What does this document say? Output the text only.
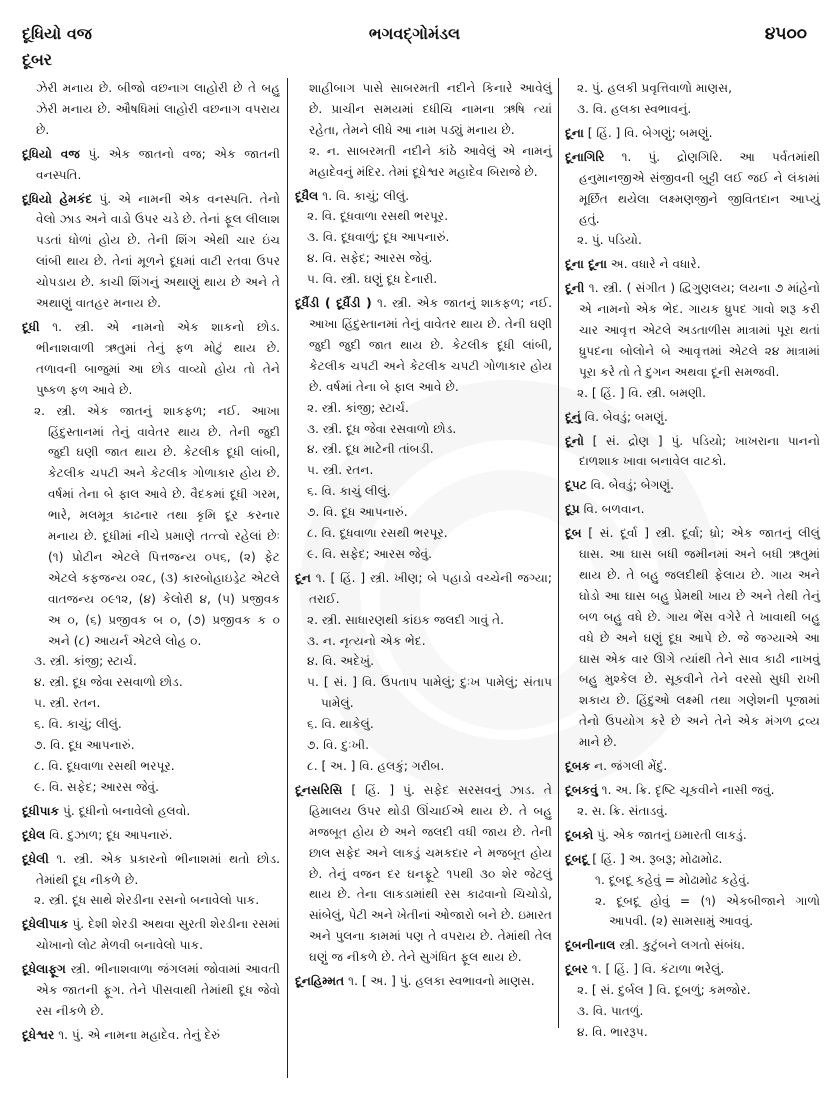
દૂધિયો વજ
દૂબર
ભગવદ્ગોમંડલ	૪૫૦૦
ઝેરી મનાય છે. બીજો વછનાગ લાહોરી છે તે બહુ ઝેરી મનાય છે. ઔષધિમાં લાહોરી વછનાગ વપરાય છે.
દૂધિયો વજ પું. એક જાતનો વજ; એક જાતની વનસ્પતિ.
દૂધિયો હેમકંદ પું. એ નામની એક વનસ્પતિ. તેનો વેલો ઝાડ અને વાડો ઉપર ચડે છે. તેનાં ફૂલ લીલાશ પડતાં ધોળાં હોય છે. તેની શિંગ એથી ચાર ઇંચ લાંબી થાય છે. તેનાં મૂળને દૂધમાં વાટી રતવા ઉપર ચોપડાય છે. કાચી શિંગનું અથાણું થાય છે અને તે અથાણું વાતહર મનાય છે.
દૂધી ૧. સ્ત્રી. એ નામનો એક શાકનો છોડ. ભીનાશવાળી ઋતુમાં તેનું ફળ મોટું થાય છે. તળાવની બાજુમાં આ છોડ વાવ્યો હોય તો તેને પુષ્કળ ફળ આવે છે.
૨. સ્ત્રી. એક જાતનું શાકફળ; નઈ. આખા હિંદુસ્તાનમાં તેનું વાવેતર થાય છે. તેની જુદી જુદી ઘણી જાત થાય છે. કેટલીક દૂધી લાંબી, કેટલીક ચપટી અને કેટલીક ગોળાકાર હોય છે. વર્ષમાં તેના બે ફાલ આવે છે. વૈદકમાં દૂધી ગરમ, ભારે, મલમૂત્ર કાઢનાર તથા કૃમિ દૂર કરનાર મનાય છે. દૂધીમાં નીચે પ્રમાણે તત્ત્વો રહેલાં છેઃ (૧) પ્રોટીન એટલે પિત્તજન્ય ૦૫૬, (૨) ફેટ એટલે કફજન્ય ૦૨૮, (૩) કારબોહાઇડ્રેટ એટલે વાતજન્ય ૦૯૧૨, (૪) કેલોરી ૪, (૫) પ્રજીવક અ ૦, (૬) પ્રજીવક બ ૦, (૭) પ્રજીવક ક ૦ અને (૮) આયર્ન એટલે લોહ ૦.
૩. સ્ત્રી. કાંજી; સ્ટાર્ચ.
૪. સ્ત્રી. દૂધ જેવા રસવાળો છોડ.
૫. સ્ત્રી. રતન.
૬. વિ. કાચું; લીલું.
૭. વિ. દૂધ આપનારું.
૮. વિ. દૂધવાળા રસથી ભરપૂર.
૯. વિ. સફેદ; આરસ જેવું.
દૂધીપાક પું. દૂધીનો બનાવેલો હલવો.
દૂધેલ વિ. દુઝાળ; દૂધ આપનારું.
દૂધેલી ૧. સ્ત્રી. એક પ્રકારનો ભીનાશમાં થતો છોડ. તેમાંથી દૂધ નીકળે છે.
૨. સ્ત્રી. દૂધ સાથે શેરડીના રસનો બનાવેલો પાક.
દૂધેલીપાક પું. દેશી શેરડી અથવા સુરતી શેરડીના રસમાં ચોખાનો લોટ મેળવી બનાવેલો પાક.
દૂધેલાફૂગ સ્ત્રી. ભીનાશવાળા જંગલમાં જોવામાં આવતી એક જાતની ફૂગ. તેને પીસવાથી તેમાંથી દૂધ જેવો રસ નીકળે છે.
દૂધેશ્વર ૧. પું. એ નામના મહાદેવ. તેનું દેરું
શાહીબાગ પાસે સાબરમતી નદીને કિનારે આવેલું છે. પ્રાચીન સમયમાં દધીચિ નામના ઋષિ ત્યાં રહેતા, તેમને લીધે આ નામ પડ્યું મનાય છે.
૨. ન. સાબરમતી નદીને કાંઠે આવેલું એ નામનું મહાદેવનું મંદિર. તેમાં દૂધેશ્વર મહાદેવ બિરાજે છે.
દૂધૈલ ૧. વિ. કાચું; લીલું.
૨. વિ. દૂધવાળા રસથી ભરપૂર.
૩. વિ. દૂધવાળું; દૂધ આપનારું.
૪. વિ. સફેદ; આરસ જેવું.
૫. વિ. સ્ત્રી. ઘણું દૂધ દેનારી.
દૂધૈંડી ( દૂધૈંડી ) ૧. સ્ત્રી. એક જાતનું શાકફળ; નઈ. આખા હિંદુસ્તાનમાં તેનું વાવેતર થાય છે. તેની ઘણી જુદી જુદી જાત થાય છે. કેટલીક દૂધી લાંબી, કેટલીક ચપટી અને કેટલીક ચપટી ગોળાકાર હોય છે. વર્ષમાં તેના બે ફાલ આવે છે.
૨. સ્ત્રી. કાંજી; સ્ટાર્ચ.
૩. સ્ત્રી. દૂધ જેવા રસવાળો છોડ.
૪. સ્ત્રી. દૂધ માટેની તાંબડી.
૫. સ્ત્રી. રતન.
૬. વિ. કાચું લીલું.
૭. વિ. દૂધ આપનારું.
૮. વિ. દૂધવાળા રસથી ભરપૂર.
૯. વિ. સફેદ; આરસ જેવું.
દૂન ૧. [ હિં. ] સ્ત્રી. ખીણ; બે પહાડો વચ્ચેની જગ્યા; તરાઈ.
૨. સ્ત્રી. સાધારણથી કાંઇક જલદી ગાવું તે.
૩. ન. નૃત્યનો એક ભેદ.
૪. વિ. અદેખું.
૫. [ સં. ] વિ. ઉપતાપ પામેલું; દુઃખ પામેલું; સંતાપ પામેલું.
૬. વિ. થાકેલું.
૭. વિ. દુઃખી.
૮. [ અ. ] વિ. હલકું; ગરીબ.
દૂનસરિસિ [ હિં. ] પું. સફેદ સરસવનું ઝાડ. તે હિમાલય ઉપર થોડી ઊંચાઈએ થાય છે. તે બહુ મજબૂત હોય છે અને જલદી વધી જાય છે. તેની છાલ સફેદ અને લાકડું ચમકદાર ને મજબૂત હોય છે. તેનું વજન દર ઘનફૂટે ૧૫થી ૩૦ શેર જેટલું થાય છે. તેના લાકડામાંથી રસ કાઢવાનો ચિચોડો, સાંબેલું, પેટી અને ખેતીનાં ઓજારો બને છે. ઇમારત અને પુલના કામમાં પણ તે વપરાય છે. તેમાંથી તેલ ઘણું જ નીકળે છે. તેને સુગંધિત ફૂલ થાય છે.
દૂનહિમ્મત ૧. [ અ. ] પું. હલકા સ્વભાવનો માણસ.
૨. પું. હલકી પ્રવૃત્તિવાળો માણસ,
૩. વિ. હલકા સ્વભાવનું.
દૂના [ હિં. ] વિ. બેગણું; બમણું.
દૂનાગિરિ ૧. પું. દ્રોણગિરિ. આ પર્વતમાંથી હનુમાનજીએ સંજીવની બુટ્ટી લઈ જઈ ને લંકામાં મૂર્છિત થયેલા લક્ષ્મણજીને જીવિતદાન આપ્યું હતું.
૨. પું. પડિયો.
દૂના દૂના અ. વધારે ને વધારે.
દૂની ૧. સ્ત્રી. ( સંગીત ) દ્વિગુણલય; લયના ૭ માંહેનો એ નામનો એક ભેદ. ગાયક ધ્રુપદ ગાવો શરૂ કરી ચાર આવૃત્ત એટલે અડતાળીસ માત્રામાં પૂરા થતાં ધ્રુપદના બોલોને બે આવૃત્તમાં એટલે ૨૪ માત્રામાં પૂરા કરે તો તે દુગન અથવા દૂની સમજવી.
૨. [ હિં. ] વિ. સ્ત્રી. બમણી.
દૂનું વિ. બેવડું; બમણું.
દૂનો [ સં. દ્રોણ ] પું. પડિયો; ખાખરાના પાનનો દાળશાક ખાવા બનાવેલ વાટકો.
દૂપટ વિ. બેવડું; બેગણું.
દૂપ્ર વિ. બળવાન.
દૂબ [ સં. દૂર્વા ] સ્ત્રી. દૂર્વા; ધ્રો; એક જાતનું લીલું ઘાસ. આ ઘાસ બધી જમીનમાં અને બધી ઋતુમાં થાય છે. તે બહુ જલદીથી ફેલાય છે. ગાય અને ઘોડો આ ઘાસ બહુ પ્રેમથી ખાય છે અને તેથી તેનું બળ બહુ વધે છે. ગાય ભેંસ વગેરે તે ખાવાથી બહુ વધે છે અને ઘણું દૂધ આપે છે. જે જગ્યાએ આ ઘાસ એક વાર ઊગે ત્યાંથી તેને સાવ કાઢી નાખવું બહુ મુશ્કેલ છે. સૂકવીને તેને વરસો સુધી રાખી શકાય છે. હિંદુઓ લક્ષ્મી તથા ગણેશની પૂજામાં તેનો ઉપયોગ કરે છે અને તેને એક મંગળ દ્રવ્ય માને છે.
દૂબક ન. જંગલી મેંદું.
દૂબકવું ૧. અ. ક્રિ. દૃષ્ટિ ચૂકવીને નાસી જવું.
૨. સ. ક્રિ. સંતાડવું.
દૂબકો પું. એક જાતનું ઇમારતી લાકડું.
દૂબદૂ [ હિં. ] અ. રૂબરૂ; મોઢામોઢ.
૧. દૂબદૂ કહેવું = મોઢામોઢ કહેવું.
૨. દૂબદૂ હોવું = (૧) એકબીજાને ગાળો આપવી. (૨) સામસામું આવવું.
દૂબનીનાલ સ્ત્રી. કુટુંબને લગતો સંબંધ.
દૂબર ૧. [ હિં. ] વિ. કંટાળા ભરેલું.
૨. [ સં. દુર્બલ ] વિ. દૂબળું; કમજોર.
૩. વિ. પાતળું.
૪. વિ. ભારરૂપ.
